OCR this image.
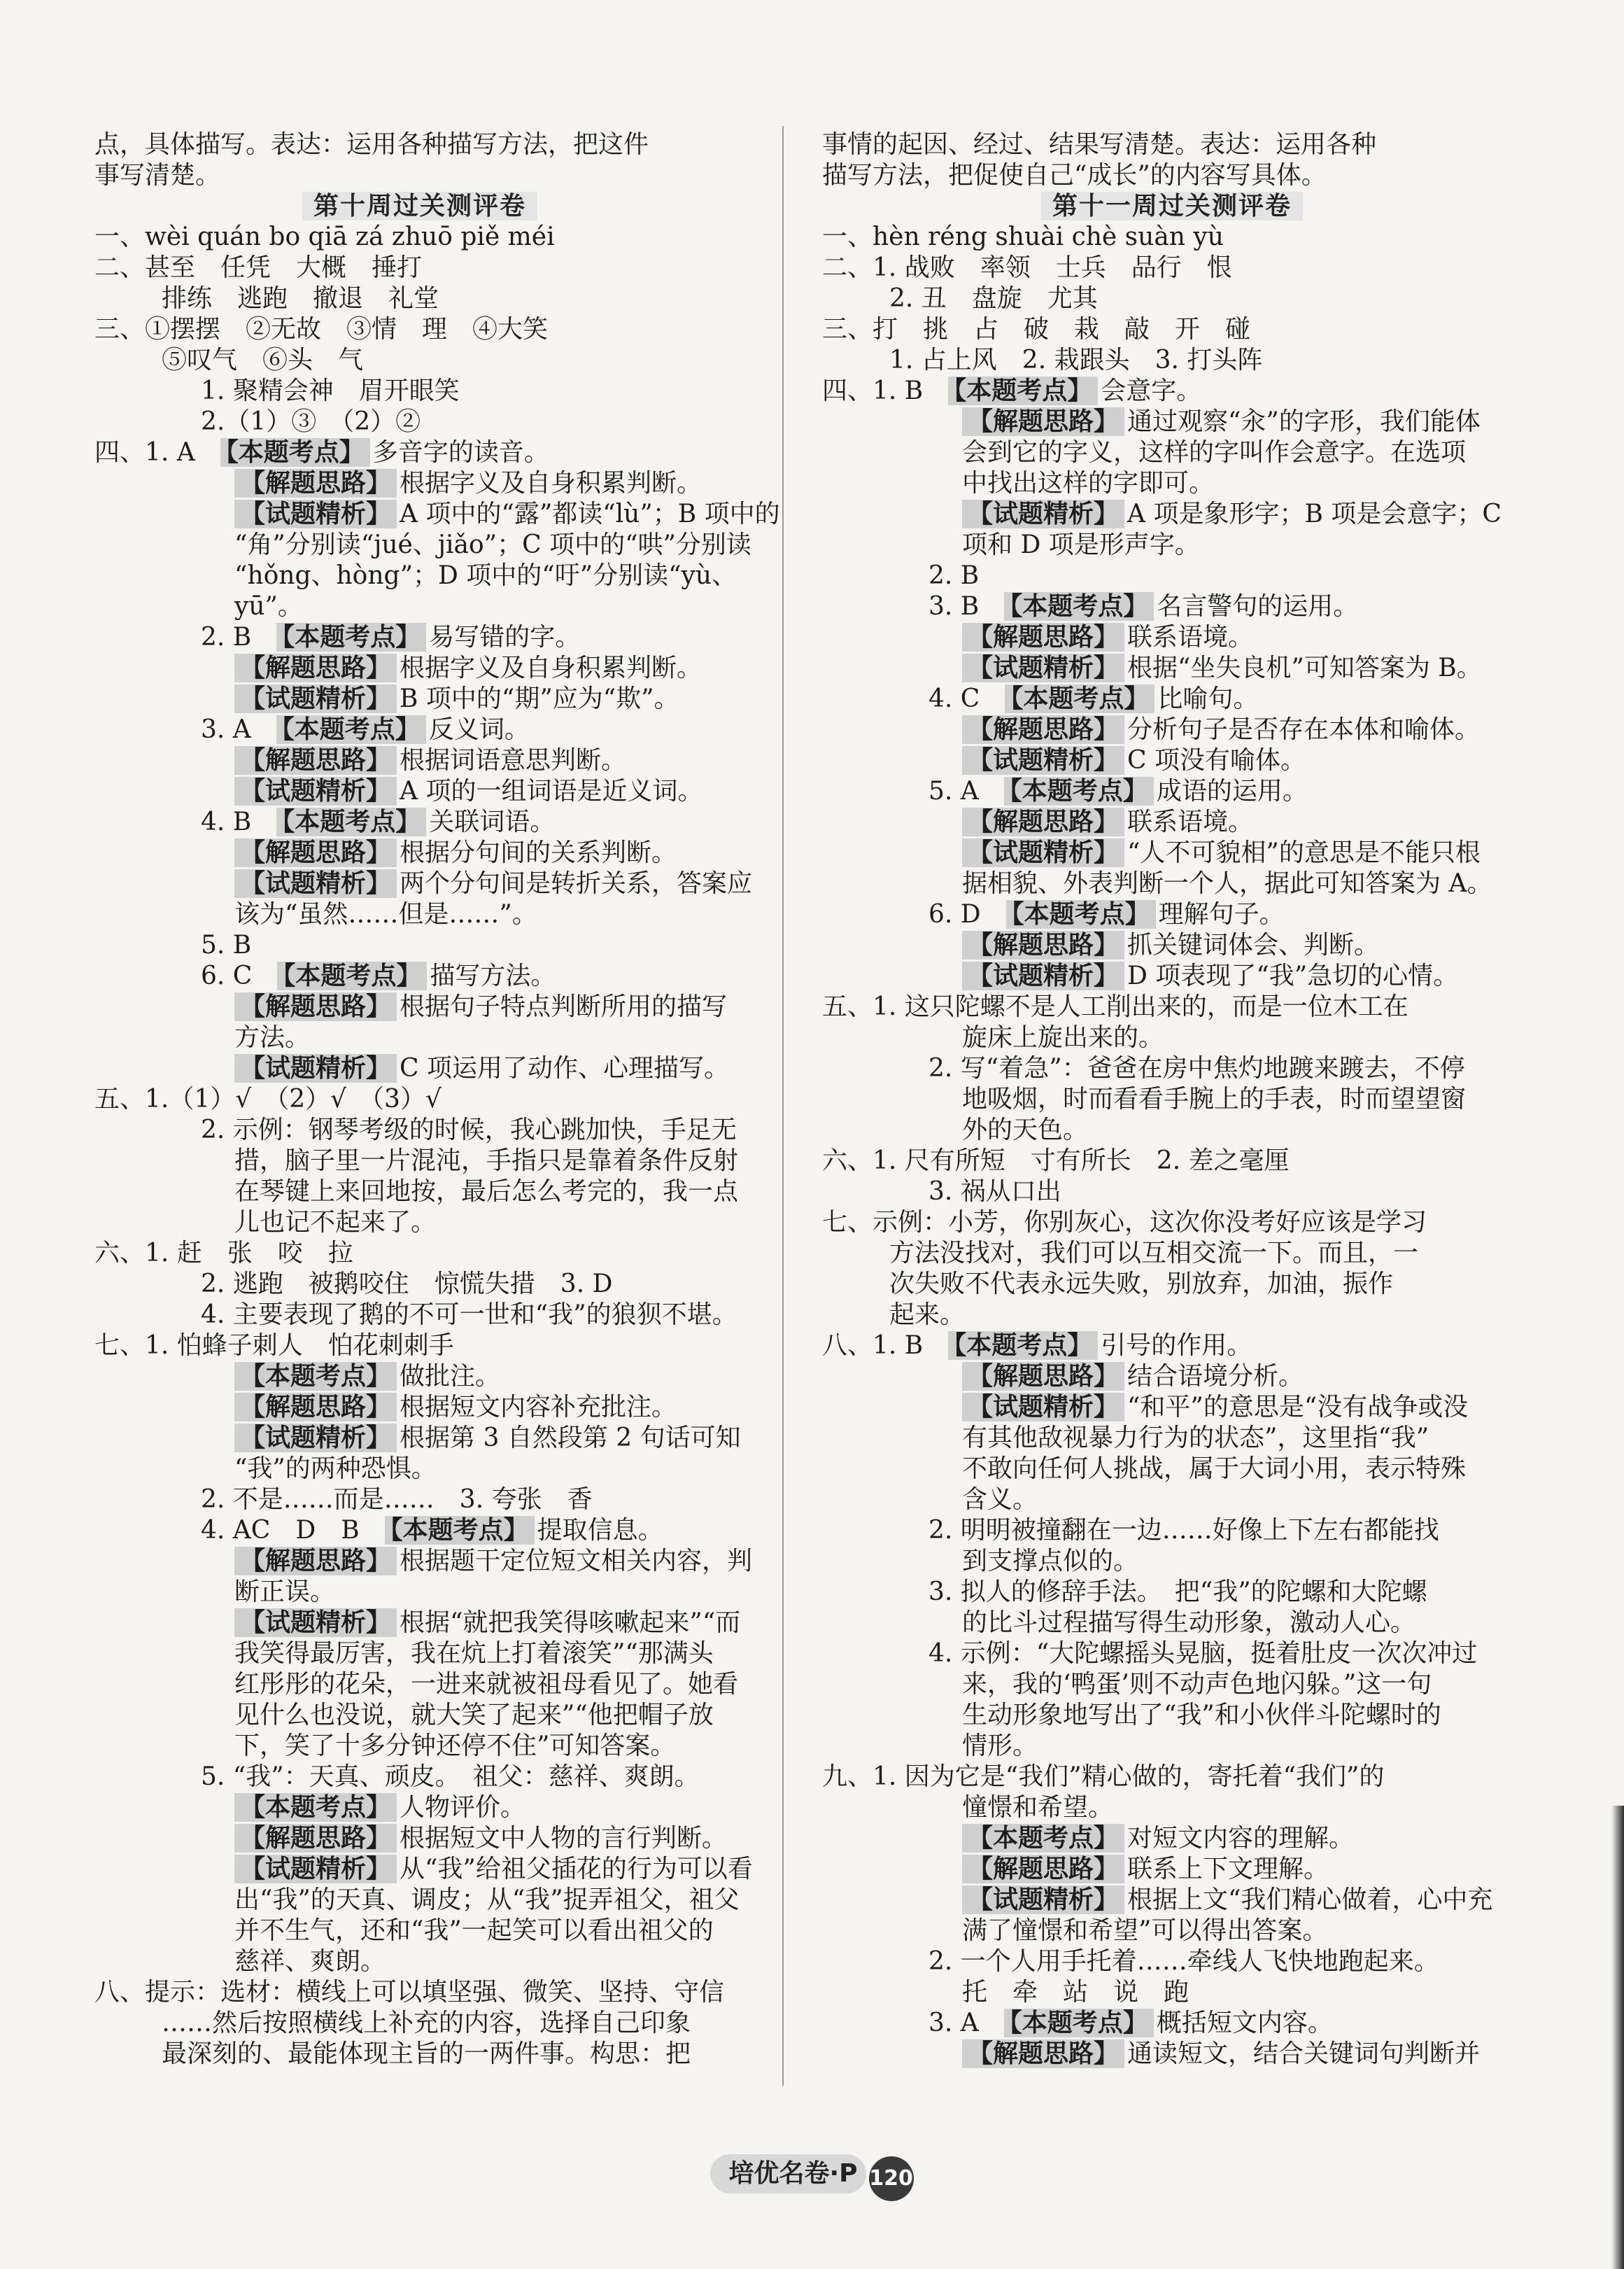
点，具体描写。表达：运用各种描写方法，把这件
事写清楚。
第十周过关测评卷
一、wèi quán bo qiā zá zhuō piě méi
二、甚至　任凭　大概　捶打
排练　逃跑　撤退　礼堂
三、①摆摆　②无故　③情　理　④大笑
⑤叹气　⑥头　气
1. 聚精会神　眉开眼笑
2.（1）③　（2）②
四、1. A　【本题考点】 多音字的读音。
【解题思路】 根据字义及自身积累判断。
【试题精析】 A 项中的“露”都读“lù”；B 项中的
“角”分别读“jué、jiǎo”；C 项中的“哄”分别读
“hǒng、hòng”；D 项中的“吁”分别读“yù、
yū”。
2. B　【本题考点】 易写错的字。
【解题思路】 根据字义及自身积累判断。
【试题精析】 B 项中的“期”应为“欺”。
3. A　【本题考点】 反义词。
【解题思路】 根据词语意思判断。
【试题精析】 A 项的一组词语是近义词。
4. B　【本题考点】 关联词语。
【解题思路】 根据分句间的关系判断。
【试题精析】 两个分句间是转折关系，答案应
该为“虽然……但是……”。
5. B
6. C　【本题考点】 描写方法。
【解题思路】 根据句子特点判断所用的描写
方法。
【试题精析】 C 项运用了动作、心理描写。
五、1.（1）√　（2）√　（3）√
2. 示例：钢琴考级的时候，我心跳加快，手足无
措，脑子里一片混沌，手指只是靠着条件反射
在琴键上来回地按，最后怎么考完的，我一点
儿也记不起来了。
六、1. 赶　张　咬　拉
2. 逃跑　被鹅咬住　惊慌失措　3. D
4. 主要表现了鹅的不可一世和“我”的狼狈不堪。
七、1. 怕蜂子刺人　怕花刺刺手
【本题考点】 做批注。
【解题思路】 根据短文内容补充批注。
【试题精析】 根据第 3 自然段第 2 句话可知
“我”的两种恐惧。
2. 不是……而是……　3. 夸张　香
4. AC　D　B　【本题考点】 提取信息。
【解题思路】 根据题干定位短文相关内容，判
断正误。
【试题精析】 根据“就把我笑得咳嗽起来”“而
我笑得最厉害，我在炕上打着滚笑”“那满头
红彤彤的花朵，一进来就被祖母看见了。她看
见什么也没说，就大笑了起来”“他把帽子放
下，笑了十多分钟还停不住”可知答案。
5. “我”：天真、顽皮。　祖父：慈祥、爽朗。
【本题考点】 人物评价。
【解题思路】 根据短文中人物的言行判断。
【试题精析】 从“我”给祖父插花的行为可以看
出“我”的天真、调皮；从“我”捉弄祖父，祖父
并不生气，还和“我”一起笑可以看出祖父的
慈祥、爽朗。
八、提示：选材：横线上可以填坚强、微笑、坚持、守信
……然后按照横线上补充的内容，选择自己印象
最深刻的、最能体现主旨的一两件事。构思：把
事情的起因、经过、结果写清楚。表达：运用各种
描写方法，把促使自己“成长”的内容写具体。
第十一周过关测评卷
一、hèn réng shuài chè suàn yù
二、1. 战败　率领　士兵　品行　恨
2. 丑　盘旋　尤其
三、打　挑　占　破　栽　敲　开　碰
1. 占上风　2. 栽跟头　3. 打头阵
四、1. B　【本题考点】 会意字。
【解题思路】 通过观察“汆”的字形，我们能体
会到它的字义，这样的字叫作会意字。在选项
中找出这样的字即可。
【试题精析】 A 项是象形字；B 项是会意字；C
项和 D 项是形声字。
2. B
3. B　【本题考点】 名言警句的运用。
【解题思路】 联系语境。
【试题精析】 根据“坐失良机”可知答案为 B。
4. C　【本题考点】 比喻句。
【解题思路】 分析句子是否存在本体和喻体。
【试题精析】 C 项没有喻体。
5. A　【本题考点】 成语的运用。
【解题思路】 联系语境。
【试题精析】 “人不可貌相”的意思是不能只根
据相貌、外表判断一个人，据此可知答案为 A。
6. D　【本题考点】 理解句子。
【解题思路】 抓关键词体会、判断。
【试题精析】 D 项表现了“我”急切的心情。
五、1. 这只陀螺不是人工削出来的，而是一位木工在
旋床上旋出来的。
2. 写“着急”：爸爸在房中焦灼地踱来踱去，不停
地吸烟，时而看看手腕上的手表，时而望望窗
外的天色。
六、1. 尺有所短　寸有所长　2. 差之毫厘
3. 祸从口出
七、示例：小芳，你别灰心，这次你没考好应该是学习
方法没找对，我们可以互相交流一下。而且，一
次失败不代表永远失败，别放弃，加油，振作
起来。
八、1. B　【本题考点】 引号的作用。
【解题思路】 结合语境分析。
【试题精析】 “和平”的意思是“没有战争或没
有其他敌视暴力行为的状态”，这里指“我”
不敢向任何人挑战，属于大词小用，表示特殊
含义。
2. 明明被撞翻在一边……好像上下左右都能找
到支撑点似的。
3. 拟人的修辞手法。　把“我”的陀螺和大陀螺
的比斗过程描写得生动形象，激动人心。
4. 示例：“大陀螺摇头晃脑，挺着肚皮一次次冲过
来，我的‘鸭蛋’则不动声色地闪躲。”这一句
生动形象地写出了“我”和小伙伴斗陀螺时的
情形。
九、1. 因为它是“我们”精心做的，寄托着“我们”的
憧憬和希望。
【本题考点】 对短文内容的理解。
【解题思路】 联系上下文理解。
【试题精析】 根据上文“我们精心做着，心中充
满了憧憬和希望”可以得出答案。
2. 一个人用手托着……牵线人飞快地跑起来。
托　牵　站　说　跑
3. A　【本题考点】 概括短文内容。
【解题思路】 通读短文，结合关键词句判断并
培优名卷·P 120
